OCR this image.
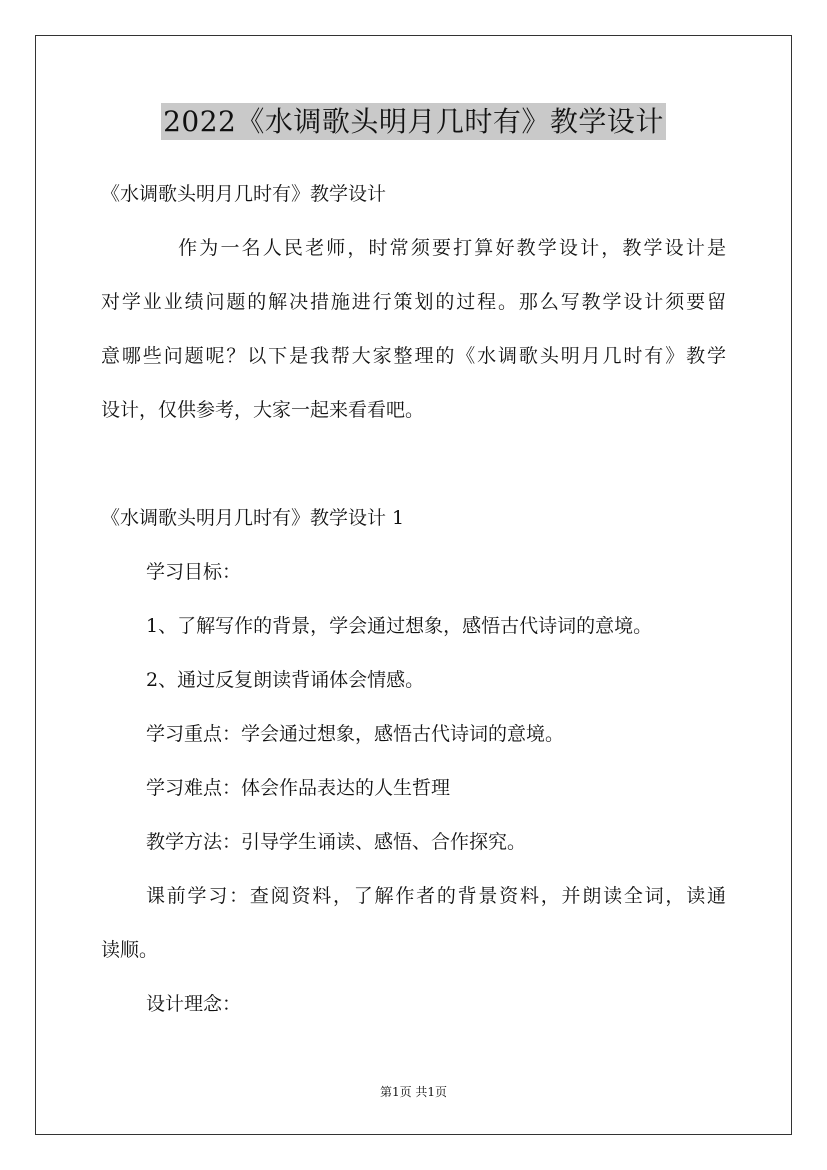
2022《水调歌头明月几时有》教学设计
《水调歌头明月几时有》教学设计
作为一名人民老师，时常须要打算好教学设计，教学设计是
对学业业绩问题的解决措施进行策划的过程。那么写教学设计须要留
意哪些问题呢？以下是我帮大家整理的《水调歌头明月几时有》教学
设计，仅供参考，大家一起来看看吧。
《水调歌头明月几时有》教学设计 1
学习目标：
1、了解写作的背景，学会通过想象，感悟古代诗词的意境。
2、通过反复朗读背诵体会情感。
学习重点：学会通过想象，感悟古代诗词的意境。
学习难点：体会作品表达的人生哲理
教学方法：引导学生诵读、感悟、合作探究。
课前学习：查阅资料，了解作者的背景资料，并朗读全词，读通
读顺。
设计理念：
第1页 共1页
